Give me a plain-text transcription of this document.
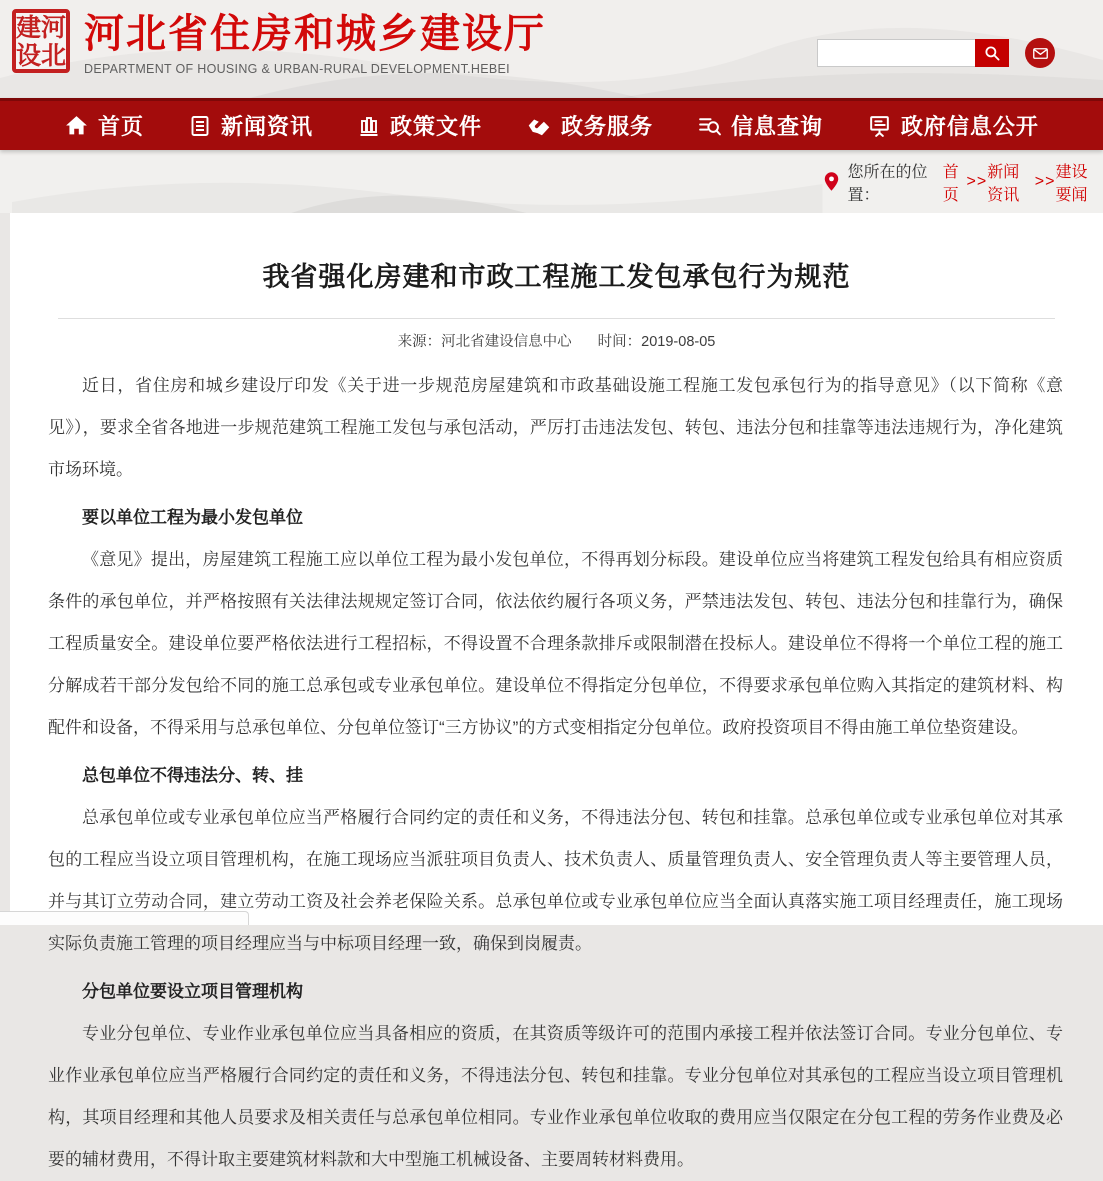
建 河
设 北 河北省住房和城乡建设厅
DEPARTMENT OF HOUSING & URBAN-RURAL DEVELOPMENT.HEBEI
首页	新闻资讯	政策文件	政务服务	信息查询	政府信息公开
您所在的位置：
首页
>>
新闻资讯
>>
建设要闻
我省强化房建和市政工程施工发包承包行为规范
来源：河北省建设信息中心 时间：2019-08-05

近日，省住房和城乡建设厅印发《关于进一步规范房屋建筑和市政基础设施工程施工发包承包行为的指导意见》（以下简称《意见》），要求全省各地进一步规范建筑工程施工发包与承包活动，严厉打击违法发包、转包、违法分包和挂靠等违法违规行为，净化建筑市场环境。

要以单位工程为最小发包单位

《意见》提出，房屋建筑工程施工应以单位工程为最小发包单位，不得再划分标段。建设单位应当将建筑工程发包给具有相应资质条件的承包单位，并严格按照有关法律法规规定签订合同，依法依约履行各项义务，严禁违法发包、转包、违法分包和挂靠行为，确保工程质量安全。建设单位要严格依法进行工程招标，不得设置不合理条款排斥或限制潜在投标人。建设单位不得将一个单位工程的施工分解成若干部分发包给不同的施工总承包或专业承包单位。建设单位不得指定分包单位，不得要求承包单位购入其指定的建筑材料、构配件和设备，不得采用与总承包单位、分包单位签订“三方协议”的方式变相指定分包单位。政府投资项目不得由施工单位垫资建设。

总包单位不得违法分、转、挂

总承包单位或专业承包单位应当严格履行合同约定的责任和义务，不得违法分包、转包和挂靠。总承包单位或专业承包单位对其承包的工程应当设立项目管理机构，在施工现场应当派驻项目负责人、技术负责人、质量管理负责人、安全管理负责人等主要管理人员，并与其订立劳动合同，建立劳动工资及社会养老保险关系。总承包单位或专业承包单位应当全面认真落实施工项目经理责任，施工现场实际负责施工管理的项目经理应当与中标项目经理一致，确保到岗履责。

分包单位要设立项目管理机构

专业分包单位、专业作业承包单位应当具备相应的资质，在其资质等级许可的范围内承接工程并依法签订合同。专业分包单位、专业作业承包单位应当严格履行合同约定的责任和义务，不得违法分包、转包和挂靠。专业分包单位对其承包的工程应当设立项目管理机构，其项目经理和其他人员要求及相关责任与总承包单位相同。专业作业承包单位收取的费用应当仅限定在分包工程的劳务作业费及必要的辅材费用，不得计取主要建筑材料款和大中型施工机械设备、主要周转材料费用。
